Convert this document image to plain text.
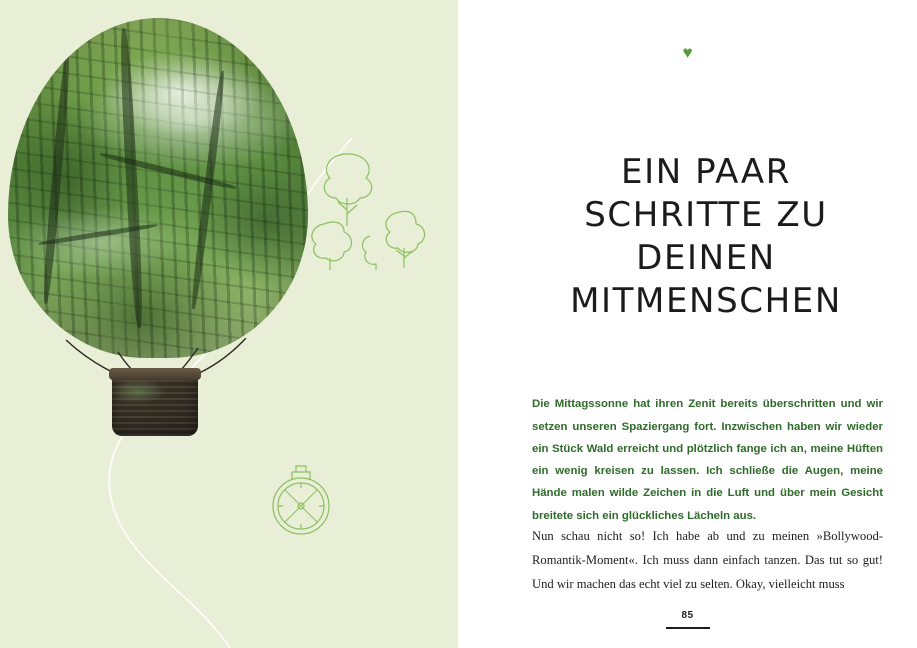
♥
EIN PAAR
SCHRITTE ZU
DEINEN
MITMENSCHEN

Die Mittagssonne hat ihren Zenit bereits überschritten und wir setzen unseren Spaziergang fort. Inzwischen haben wir wieder ein Stück Wald erreicht und plötzlich fange ich an, meine Hüften ein wenig kreisen zu lassen. Ich schließe die Augen, meine Hände malen wilde Zeichen in die Luft und über mein Gesicht breitete sich ein glückliches Lächeln aus.

Nun schau nicht so! Ich habe ab und zu meinen »Bollywood-Romantik-Moment«. Ich muss dann einfach tanzen. Das tut so gut! Und wir machen das echt viel zu selten. Okay, vielleicht muss

85
